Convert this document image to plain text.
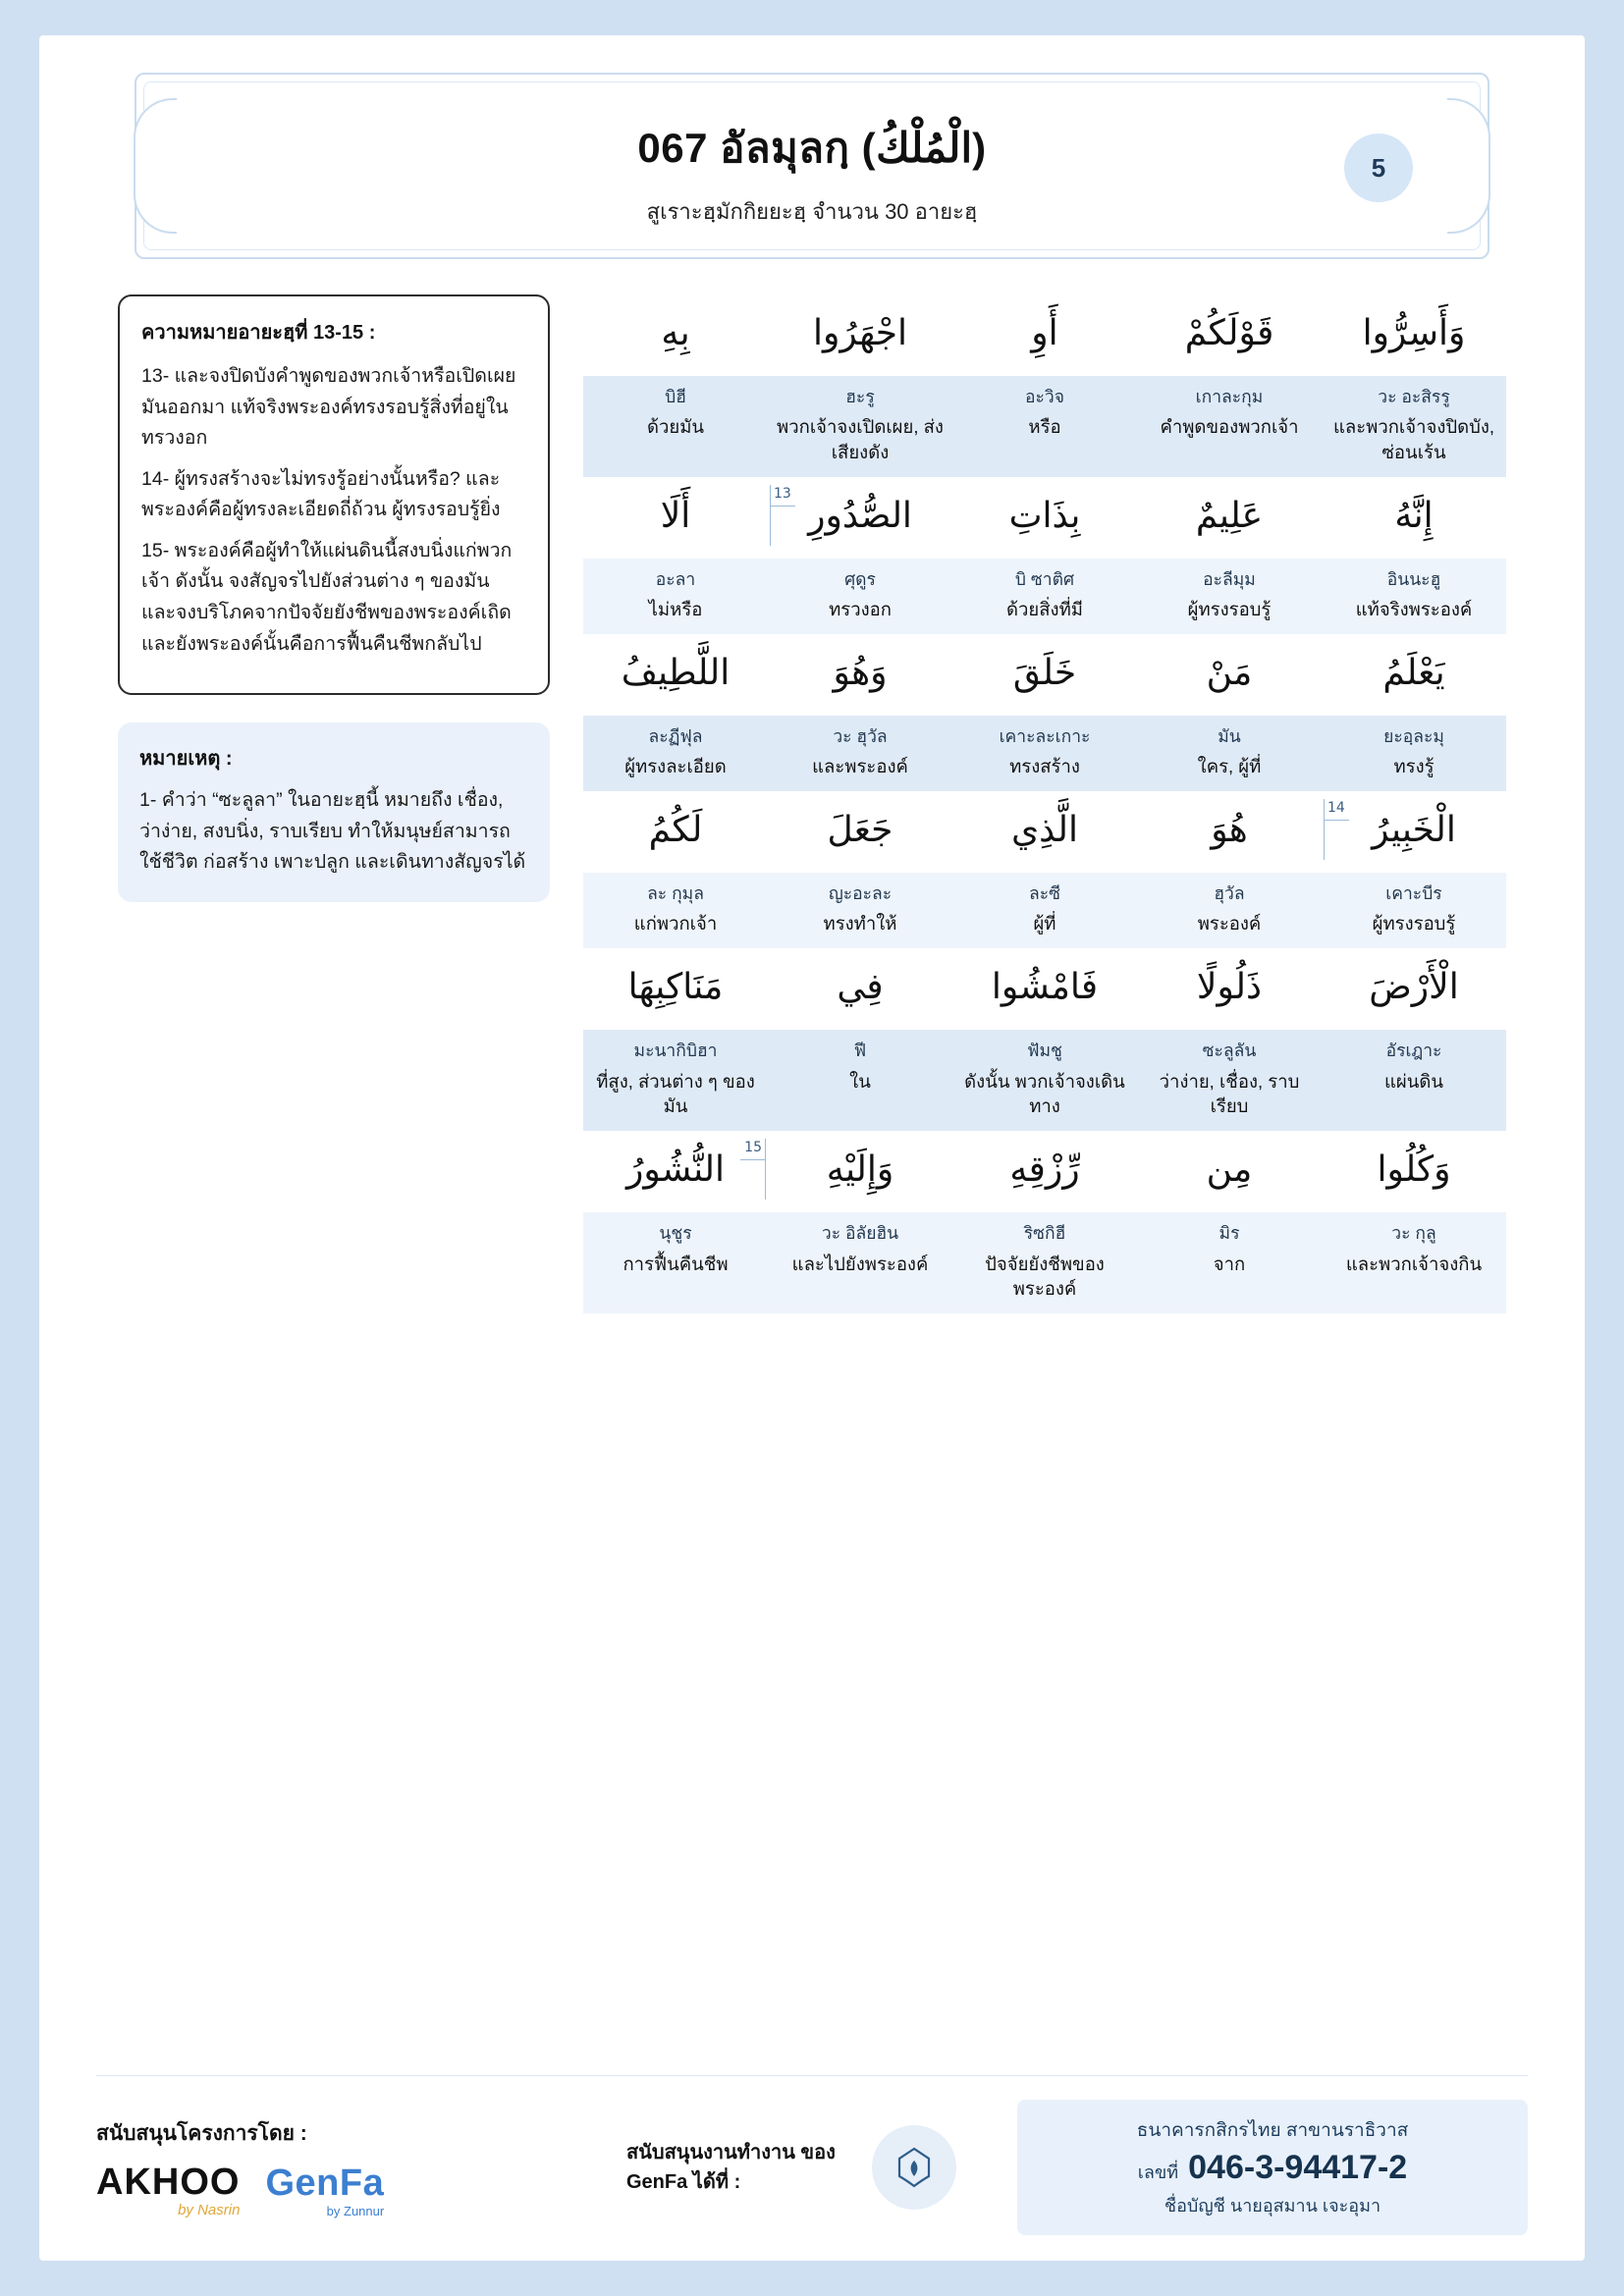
067 อัลมุลกฺ (الْمُلْكُ)
สูเราะฮฺมักกิยยะฮฺ จำนวน 30 อายะฮฺ
5
ความหมายอายะฮฺที่ 13-15 :

13- และจงปิดบังคำพูดของพวกเจ้าหรือเปิดเผยมันออกมา แท้จริงพระองค์ทรงรอบรู้สิ่งที่อยู่ในทรวงอก

14- ผู้ทรงสร้างจะไม่ทรงรู้อย่างนั้นหรือ? และพระองค์คือผู้ทรงละเอียดถี่ถ้วน ผู้ทรงรอบรู้ยิ่ง

15- พระองค์คือผู้ทำให้แผ่นดินนี้สงบนิ่งแก่พวกเจ้า ดังนั้น จงสัญจรไปยังส่วนต่าง ๆ ของมัน และจงบริโภคจากปัจจัยยังชีพของพระองค์เถิด และยังพระองค์นั้นคือการฟื้นคืนชีพกลับไป

หมายเหตุ :

1- คำว่า “ซะลูลา” ในอายะฮฺนี้ หมายถึง เชื่อง, ว่าง่าย, สงบนิ่ง, ราบเรียบ ทำให้มนุษย์สามารถใช้ชีวิต ก่อสร้าง เพาะปลูก และเดินทางสัญจรได้

وَأَسِرُّوا
قَوْلَكُمْ
أَوِ
اجْهَرُوا
بِهِ
วะ อะสิรรู
และพวกเจ้าจงปิดบัง, ซ่อนเร้น
เกาละกุม
คำพูดของพวกเจ้า
อะวิจ
หรือ
ฮะรู
พวกเจ้าจงเปิดเผย, ส่งเสียงดัง
บิฮี
ด้วยมัน
إِنَّهُ
عَلِيمٌ
بِذَاتِ
13
الصُّدُورِ
أَلَا
อินนะฮู
แท้จริงพระองค์
อะลีมุม
ผู้ทรงรอบรู้
บิ ซาติศ
ด้วยสิ่งที่มี
ศุดูร
ทรวงอก
อะลา
ไม่หรือ
يَعْلَمُ
مَنْ
خَلَقَ
وَهُوَ
اللَّطِيفُ
ยะอฺละมุ
ทรงรู้
มัน
ใคร, ผู้ที่
เคาะละเกาะ
ทรงสร้าง
วะ ฮุวัล
และพระองค์
ละฏีฟุล
ผู้ทรงละเอียด
14
الْخَبِيرُ
هُوَ
الَّذِي
جَعَلَ
لَكُمُ
เคาะบีร
ผู้ทรงรอบรู้
ฮุวัล
พระองค์
ละซี
ผู้ที่
ญะอะละ
ทรงทำให้
ละ กุมุล
แก่พวกเจ้า
الْأَرْضَ
ذَلُولًا
فَامْشُوا
فِي
مَنَاكِبِهَا
อัรเฎาะ
แผ่นดิน
ซะลูลัน
ว่าง่าย, เชื่อง, ราบเรียบ
ฟัมชู
ดังนั้น พวกเจ้าจงเดินทาง
ฟี
ใน
มะนากิบิฮา
ที่สูง, ส่วนต่าง ๆ ของมัน
وَكُلُوا
مِن
رِّزْقِهِ
وَإِلَيْهِ
15
النُّشُورُ
วะ กุลู
และพวกเจ้าจงกิน
มิร
จาก
ริซกิฮี
ปัจจัยยังชีพของพระองค์
วะ อิลัยฮิน
และไปยังพระองค์
นุชูร
การฟื้นคืนชีพ
สนับสนุนโครงการโดย :
AKHOO
by Nasrin
GenFa
by Zunnur
สนับสนุนงานทำงาน ของ GenFa ได้ที่ :
ธนาคารกสิกรไทย สาขานราธิวาส
เลขที่ 046-3-94417-2
ชื่อบัญชี นายอุสมาน เจะอุมา
